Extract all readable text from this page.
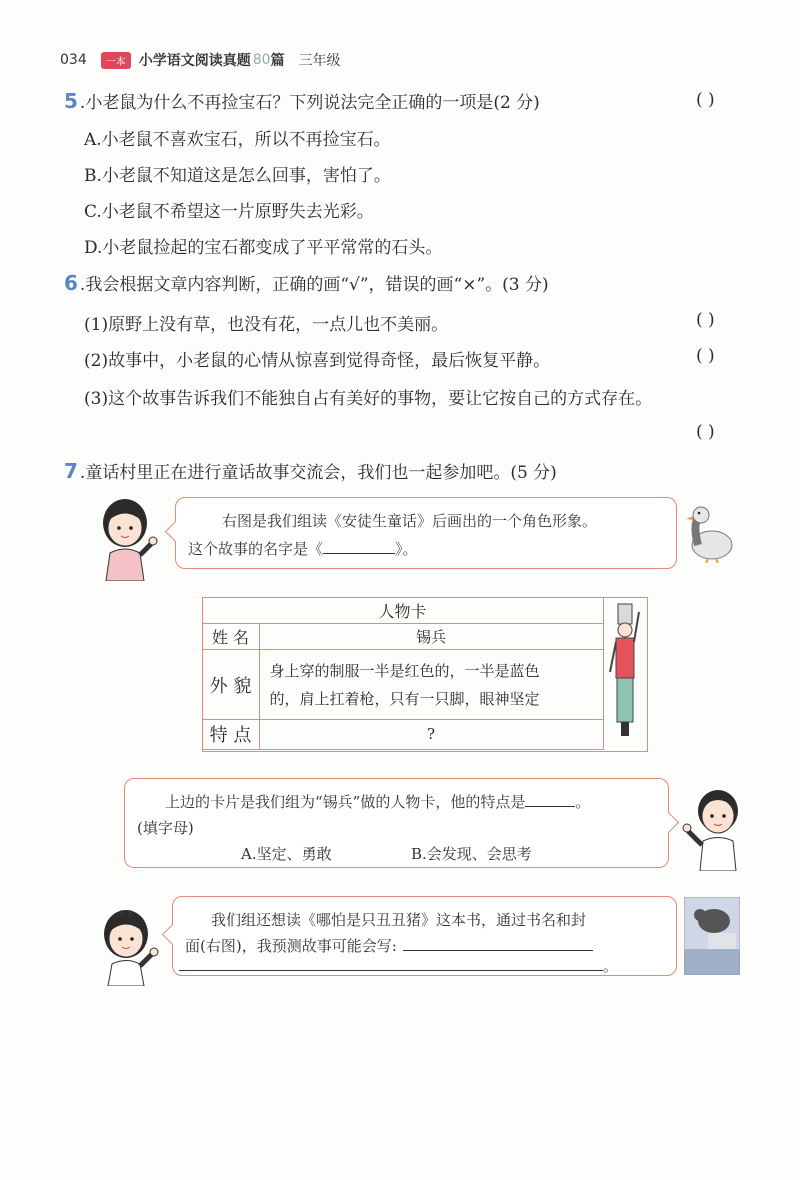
034	一本 小学语文阅读真题 80 篇 三年级
5 .小老鼠为什么不再捡宝石？下列说法完全正确的一项是(2 分)	( )
A.小老鼠不喜欢宝石，所以不再捡宝石。
B.小老鼠不知道这是怎么回事，害怕了。
C.小老鼠不希望这一片原野失去光彩。
D.小老鼠捡起的宝石都变成了平平常常的石头。
6 .我会根据文章内容判断，正确的画“√”，错误的画“×”。(3 分)
(1)原野上没有草，也没有花，一点儿也不美丽。	( )
(2)故事中，小老鼠的心情从惊喜到觉得奇怪，最后恢复平静。	( )
(3)这个故事告诉我们不能独自占有美好的事物，要让它按自己的方式存在。
( )
7 .童话村里正在进行童话故事交流会，我们也一起参加吧。(5 分)
右图是我们组读《安徒生童话》后画出的一个角色形象。
这个故事的名字是《	》。
人物卡	
姓 名	锡兵
外 貌	身上穿的制服一半是红色的，一半是蓝色
的，肩上扛着枪，只有一只脚，眼神坚定

特 点	?
上边的卡片是我们组为“锡兵”做的人物卡，他的特点是	。
(填字母)
A.坚定、勇敢	B.会发现、会思考
我们组还想读《哪怕是只丑丑猪》这本书，通过书名和封
面(右图)，我预测故事可能会写:
。
